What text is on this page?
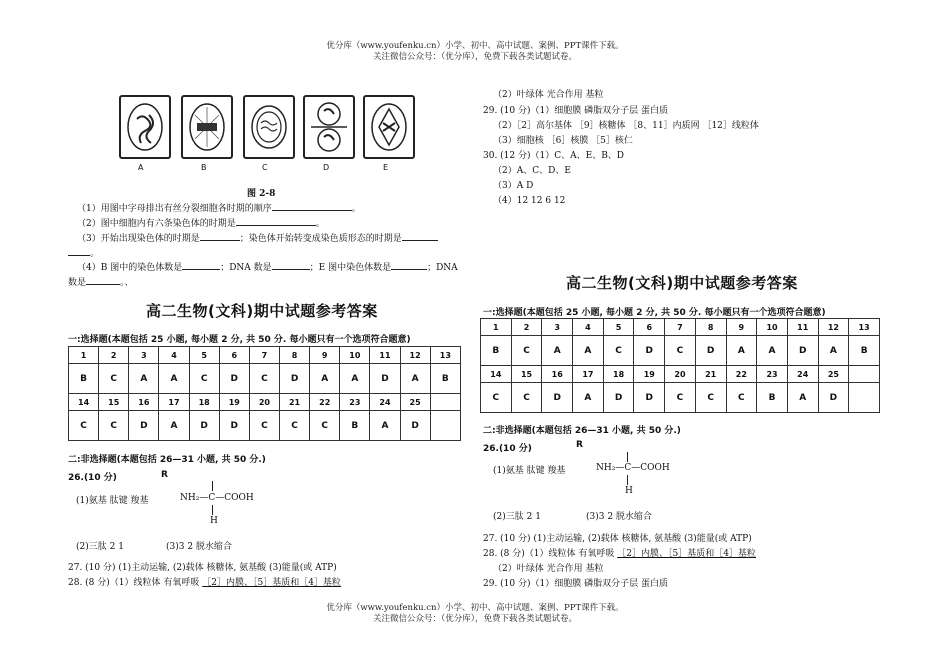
优分库（www.youfenku.cn）小学、初中、高中试题、案例、PPT课件下载。
关注微信公众号：（优分库），免费下载各类试题试卷。
A	B	C	D	E
图 2-8
（1）用图中字母排出有丝分裂细胞各时期的顺序	。
（2）图中细胞内有六条染色体的时期是	。
（3）开始出现染色体的时期是	；染色体开始转变成染色质形态的时期是
。
（4）B 图中的染色体数是	；DNA 数是	；E 图中染色体数是	；DNA
数是	。、
高二生物(文科)期中试题参考答案
一:选择题(本题包括 25 小题, 每小题 2 分, 共 50 分. 每小题只有一个选项符合题意)
1	2	3	4	5	6	7	8	9	10	11	12	13
B	C	A	A	C	D	C	D	A	A	D	A	B
14	15	16	17	18	19	20	21	22	23	24	25	
C	C	D	A	D	D	C	C	C	B	A	D	
二:非选择题(本题包括 26—31 小题, 共 50 分.)
26.(10 分)	R
(1)氨基 肽键 羧基	NH₂—C—COOH
H
(2)三肽 2 1	(3)3 2 脱水缩合
27. (10 分) (1)主动运输, (2)载体 核糖体, 氨基酸 (3)能量(或 ATP)
28. (8 分)（1）线粒体 有氧呼吸 ［2］内膜、［5］基质和［4］基粒
（2）叶绿体 光合作用 基粒
29. (10 分)（1）细胞膜 磷脂双分子层 蛋白质
（2）［2］高尔基体 ［9］核糖体 ［8、11］内质网 ［12］线粒体
（3）细胞核 ［6］核膜 ［5］核仁
30. (12 分)（1）C、A、E、B、D
（2）A、C、D、E
（3）A D
（4）12 12 6 12
高二生物(文科)期中试题参考答案
一:选择题(本题包括 25 小题, 每小题 2 分, 共 50 分. 每小题只有一个选项符合题意)
1	2	3	4	5	6	7	8	9	10	11	12	13
B	C	A	A	C	D	C	D	A	A	D	A	B
14	15	16	17	18	19	20	21	22	23	24	25	
C	C	D	A	D	D	C	C	C	B	A	D	
二:非选择题(本题包括 26—31 小题, 共 50 分.)
26.(10 分)	R
(1)氨基 肽键 羧基	NH₂—C—COOH
H
(2)三肽 2 1	(3)3 2 脱水缩合
27. (10 分) (1)主动运输, (2)载体 核糖体, 氨基酸 (3)能量(或 ATP)
28. (8 分)（1）线粒体 有氧呼吸 ［2］内膜、［5］基质和［4］基粒
（2）叶绿体 光合作用 基粒
29. (10 分)（1）细胞膜 磷脂双分子层 蛋白质
优分库（www.youfenku.cn）小学、初中、高中试题、案例、PPT课件下载。
关注微信公众号：（优分库），免费下载各类试题试卷。
